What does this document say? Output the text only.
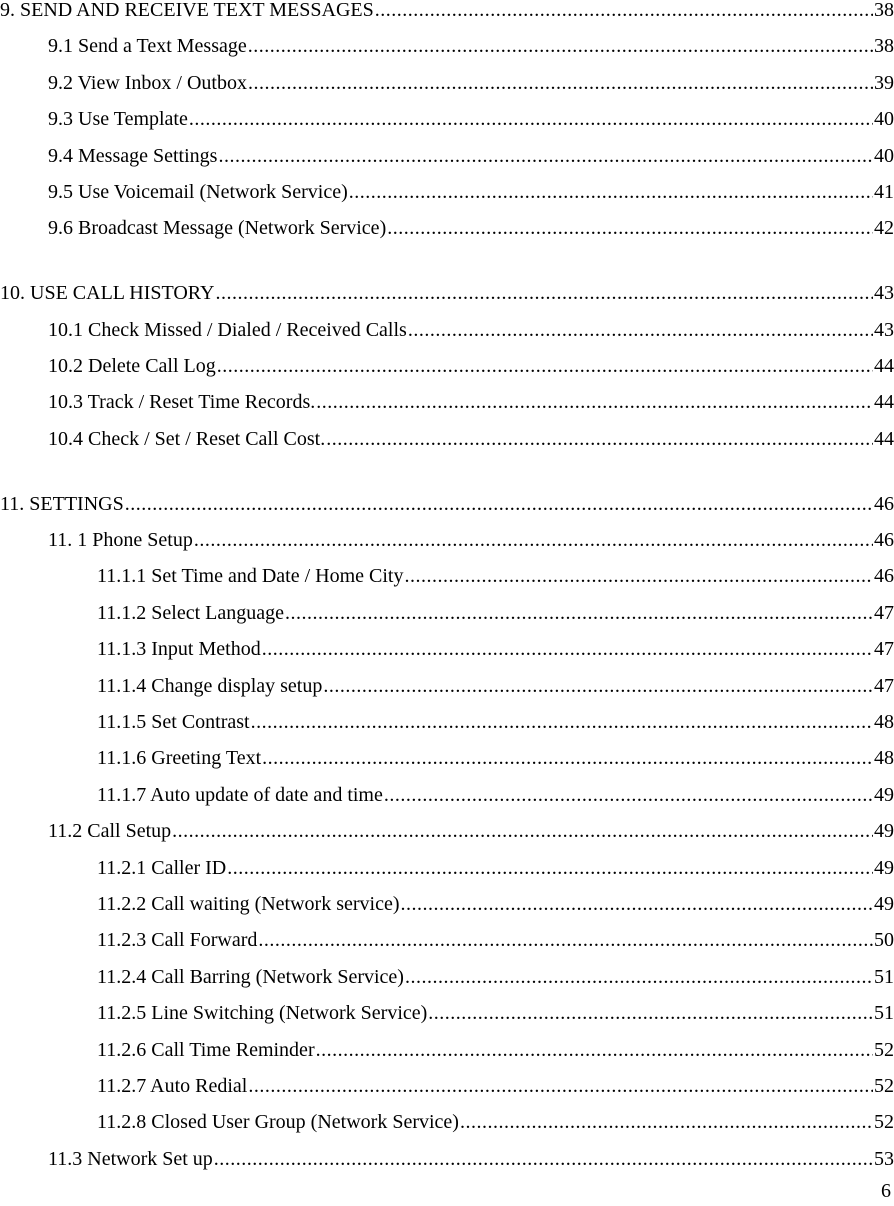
9. SEND AND RECEIVE TEXT MESSAGES .....	38
9.1 Send a Text Message .....	38
9.2 View Inbox / Outbox .....	39
9.3 Use Template .....	40
9.4 Message Settings .....	40
9.5 Use Voicemail (Network Service) .....	41
9.6 Broadcast Message (Network Service) .....	42
10. USE CALL HISTORY .....	43
10.1 Check Missed / Dialed / Received Calls .....	43
10.2 Delete Call Log .....	44
10.3 Track / Reset Time Records. .....	44
10.4 Check / Set / Reset Call Cost. .....	44
11. SETTINGS .....	46
11. 1 Phone Setup .....	46
11.1.1 Set Time and Date / Home City .....	46
11.1.2 Select Language .....	47
11.1.3 Input Method .....	47
11.1.4 Change display setup .....	47
11.1.5 Set Contrast .....	48
11.1.6 Greeting Text .....	48
11.1.7 Auto update of date and time .....	49
11.2 Call Setup .....	49
11.2.1 Caller ID .....	49
11.2.2 Call waiting (Network service) .....	49
11.2.3 Call Forward .....	50
11.2.4 Call Barring (Network Service) .....	51
11.2.5 Line Switching (Network Service) .....	51
11.2.6 Call Time Reminder .....	52
11.2.7 Auto Redial .....	52
11.2.8 Closed User Group (Network Service) .....	52
11.3 Network Set up .....	53
6
